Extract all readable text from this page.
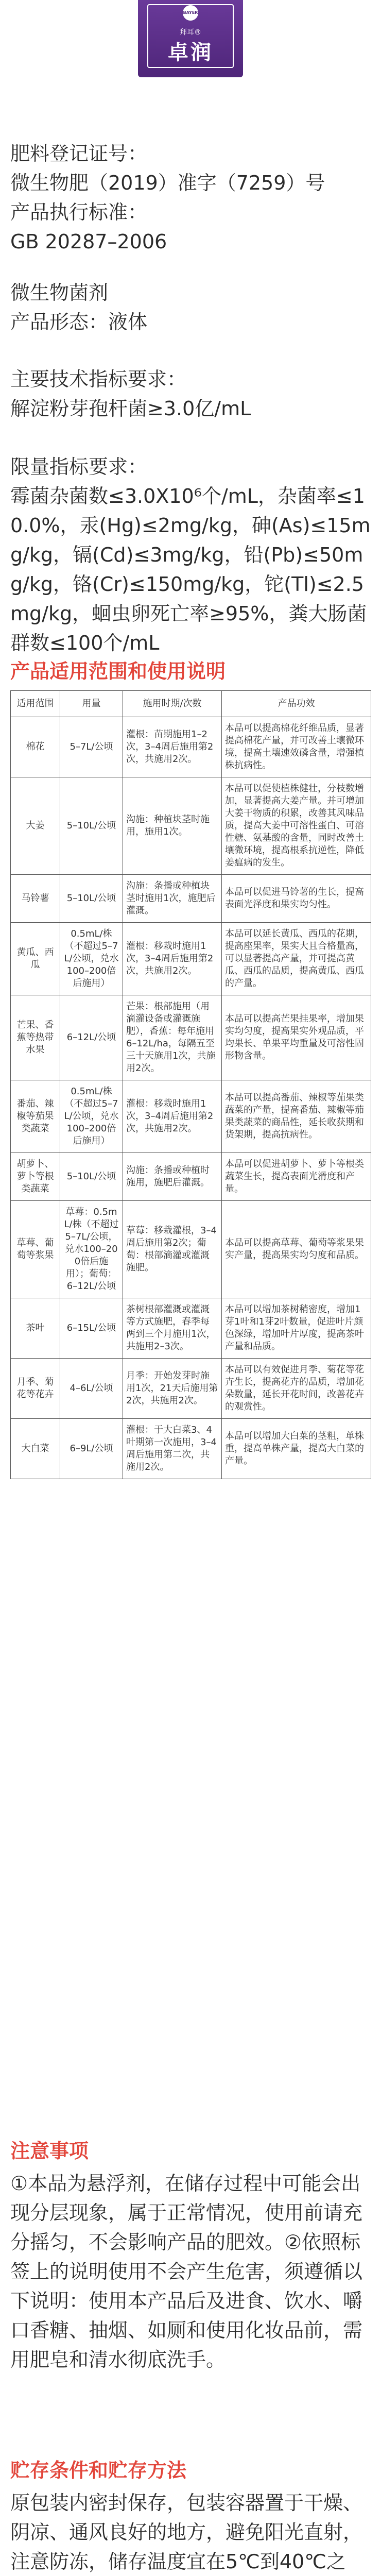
BAYER
拜耳®
卓润
肥料登记证号：
微生物肥（2019）准字（7259）号
产品执行标准：
GB 20287–2006
微生物菌剂
产品形态：液体
主要技术指标要求：
解淀粉芽孢杆菌≥3.0亿/mL
限量指标要求：
霉菌杂菌数≤3.0X10⁶个/mL，杂菌率≤10.0%，汞(Hg)≤2mg/kg，砷(As)≤15mg/kg，镉(Cd)≤3mg/kg，铅(Pb)≤50mg/kg，铬(Cr)≤150mg/kg，铊(Tl)≤2.5mg/kg，蛔虫卵死亡率≥95%，粪大肠菌群数≤100个/mL
产品适用范围和使用说明
适用范围	用量	施用时期/次数	产品功效
棉花	5–7L/公顷	灌根：苗期施用1–2次，3–4周后施用第2次，共施用2次。	本品可以提高棉花纤维品质，显著提高棉花产量，并可改善土壤微环境，提高土壤速效磷含量，增强植株抗病性。
大姜	5–10L/公顷	沟施：种植块茎时施用，施用1次。	本品可以促使植株健壮，分枝数增加，显著提高大姜产量。并可增加大姜干物质的积累，改善其风味品质，提高大姜中可溶性蛋白、可溶性糖、氨基酸的含量，同时改善土壤微环境，提高根系抗逆性，降低姜瘟病的发生。
马铃薯	5–10L/公顷	沟施：条播或种植块茎时施用1次，施肥后灌溉。	本品可以促进马铃薯的生长，提高表面光泽度和果实均匀性。
黄瓜、西瓜	0.5mL/株（不超过5–7L/公顷，兑水100–200倍后施用）	灌根：移栽时施用1次，3–4周后施用第2次，共施用2次。	本品可以延长黄瓜、西瓜的花期，提高座果率，果实大且合格量高，可以显著提高产量，并可提高黄瓜、西瓜的品质，提高黄瓜、西瓜的产量。
芒果、香蕉等热带水果	6–12L/公顷	芒果：根部施用（用滴灌设备或灌溉施肥），香蕉：每年施用6–12L/ha，每隔五至三十天施用1次，共施用2次。	本品可以提高芒果挂果率，增加果实均匀度，提高果实外观品质，平均果长、单果平均重量及可溶性固形物含量。
番茄、辣椒等茄果类蔬菜	0.5mL/株（不超过5–7L/公顷，兑水100–200倍后施用）	灌根：移栽时施用1次，3–4周后施用第2次，共施用2次。	本品可以提高番茄、辣椒等茄果类蔬菜的产量，提高番茄、辣椒等茄果类蔬菜的商品性，延长收获期和货架期，提高抗病性。
胡萝卜、萝卜等根类蔬菜	5–10L/公顷	沟施：条播或种植时施用，施肥后灌溉。	本品可以促进胡萝卜、萝卜等根类蔬菜生长，提高表面光滑度和产量。
草莓、葡萄等浆果	草莓：0.5mL/株（不超过5–7L/公顷，兑水100–200倍后施用）；葡萄：6–12L/公顷	草莓：移栽灌根，3–4周后施用第2次；葡萄：根部滴灌或灌溉施肥。	本品可以提高草莓、葡萄等浆果果实产量，提高果实均匀度和品质。
茶叶	6–15L/公顷	茶树根部灌溉或灌溉等方式施肥，春季每两到三个月施用1次，共施用2–3次。	本品可以增加茶树稍密度，增加1芽1叶和1芽2叶数量，促进叶片颜色深绿，增加叶片厚度，提高茶叶产量和品质。
月季、菊花等花卉	4–6L/公顷	月季：开始发芽时施用1次，21天后施用第2次，共施用2次。	本品可以有效促进月季、菊花等花卉生长，提高花卉的品质，增加花朵数量，延长开花时间，改善花卉的观赏性。
大白菜	6–9L/公顷	灌根：于大白菜3、4叶期第一次施用，3–4周后施用第二次，共施用2次。	本品可以增加大白菜的茎粗，单株重，提高单株产量，提高大白菜的产量。
注意事项
①本品为悬浮剂，在储存过程中可能会出现分层现象，属于正常情况，使用前请充分摇匀，不会影响产品的肥效。②依照标签上的说明使用不会产生危害，须遵循以下说明：使用本产品后及进食、饮水、嚼口香糖、抽烟、如厕和使用化妆品前，需用肥皂和清水彻底洗手。
贮存条件和贮存方法
原包装内密封保存，包装容器置于干燥、阴凉、通风良好的地方，避免阳光直射，注意防冻，储存温度宜在5℃到40℃之
